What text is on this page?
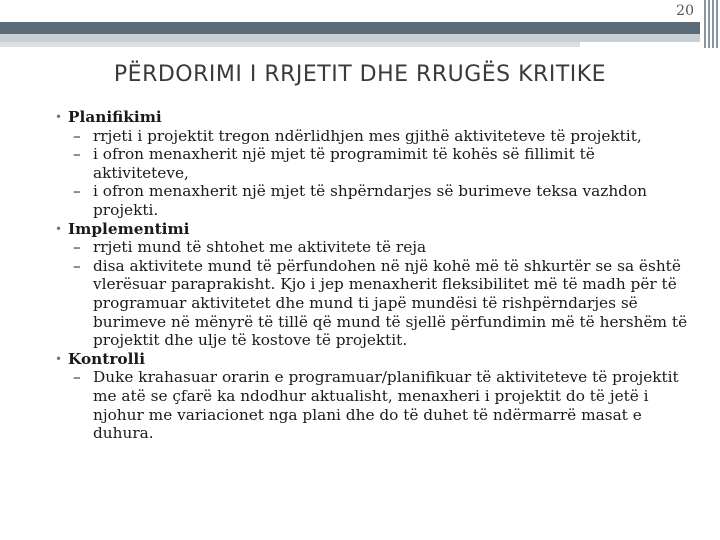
20
PËRDORIMI I RRJETIT DHE RRUGËS KRITIKE
• Planifikimi
– rrjeti i projektit tregon ndërlidhjen mes gjithë aktiviteteve të projektit,
– i ofron menaxherit një mjet të programimit të kohës së fillimit të aktiviteteve,
– i ofron menaxherit një mjet të shpërndarjes së burimeve teksa vazhdon projekti.
• Implementimi
– rrjeti mund të shtohet me aktivitete të reja
– disa aktivitete mund të përfundohen në një kohë më të shkurtër se sa është vlerësuar paraprakisht. Kjo i jep menaxherit fleksibilitet më të madh për të programuar aktivitetet dhe mund ti japë mundësi të rishpërndarjes së burimeve në mënyrë të tillë që mund të sjellë përfundimin më të hershëm të projektit dhe ulje të kostove të projektit.
• Kontrolli
– Duke krahasuar orarin e programuar/planifikuar të aktiviteteve të projektit me atë se çfarë ka ndodhur aktualisht, menaxheri i projektit do të jetë i njohur me variacionet nga plani dhe do të duhet të ndërmarrë masat e duhura.
